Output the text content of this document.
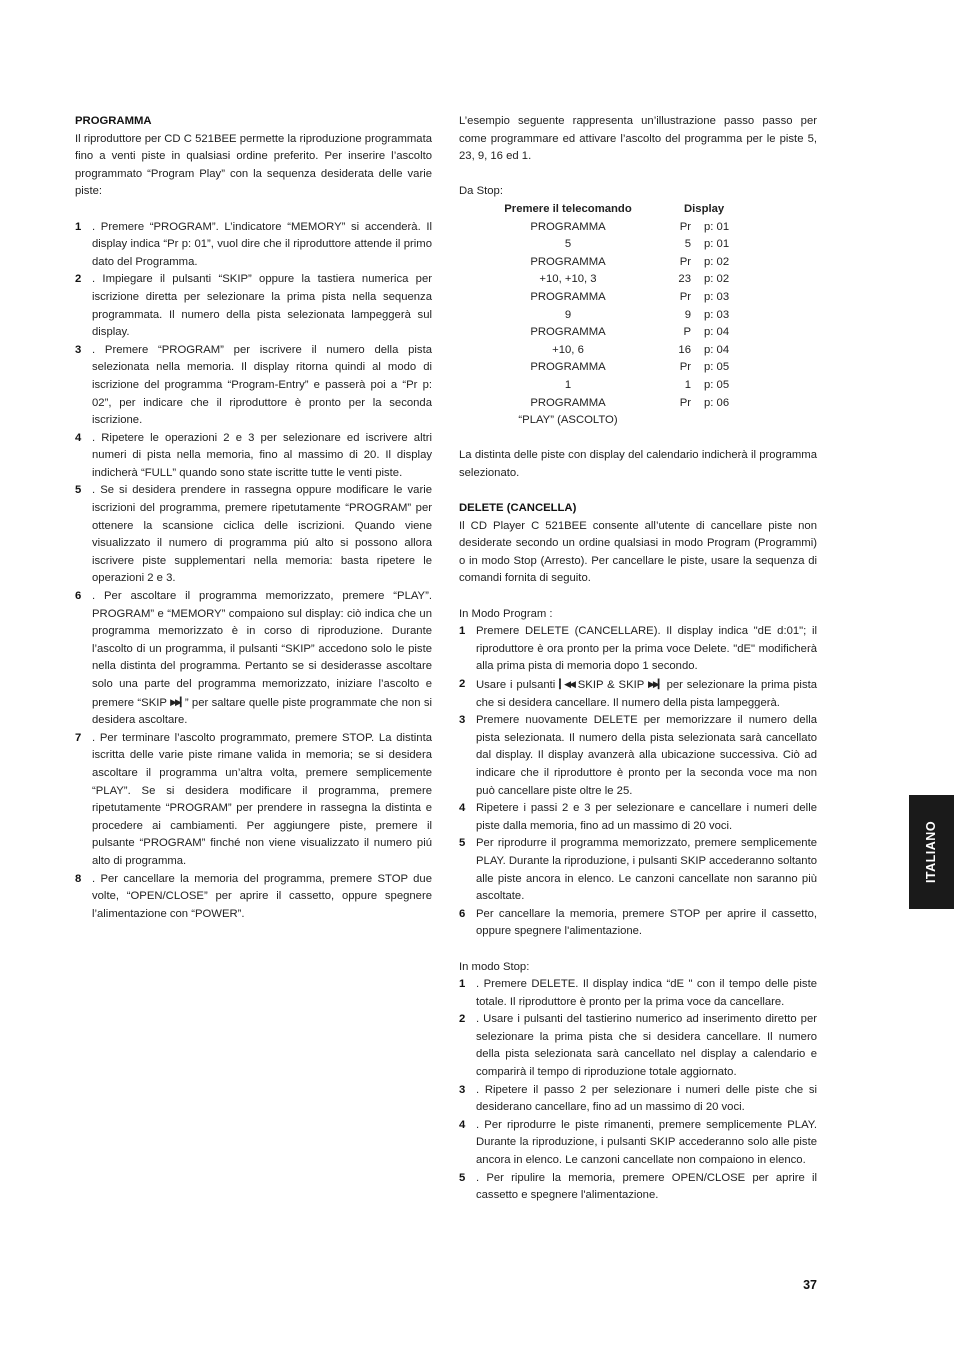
PROGRAMMA

Il riproduttore per CD C 521BEE permette la riproduzione programmata fino a venti piste in qualsiasi ordine preferito. Per inserire l’ascolto programmato “Program Play” con la sequenza desiderata delle varie piste:

1 . Premere “PROGRAM”. L’indicatore “MEMORY” si accenderà. Il display indica “Pr p: 01”, vuol dire che il riproduttore attende il primo dato del Programma.
2 . Impiegare il pulsanti “SKIP” oppure la tastiera numerica per iscrizione diretta per selezionare la prima pista nella sequenza programmata. Il numero della pista selezionata lampeggerà sul display.
3 . Premere “PROGRAM” per iscrivere il numero della pista selezionata nella memoria. Il display ritorna quindi al modo di iscrizione del programma “Program-Entry” e passerà poi a “Pr p: 02”, per indicare che il riproduttore è pronto per la seconda iscrizione.
4 . Ripetere le operazioni 2 e 3 per selezionare ed iscrivere altri numeri di pista nella memoria, fino al massimo di 20. Il display indicherà “FULL” quando sono state iscritte tutte le venti piste.
5 . Se si desidera prendere in rassegna oppure modificare le varie iscrizioni del programma, premere ripetutamente “PROGRAM” per ottenere la scansione ciclica delle iscrizioni. Quando viene visualizzato il numero di programma piú alto si possono allora iscrivere piste supplementari nella memoria: basta ripetere le operazioni 2 e 3.
6 . Per ascoltare il programma memorizzato, premere “PLAY”. PROGRAM” e “MEMORY” compaiono sul display: ciò indica che un programma memorizzato è in corso di riproduzione. Durante l’ascolto di un programma, il pulsanti “SKIP” accedono solo le piste nella distinta del programma. Pertanto se si desiderasse ascoltare solo una parte del programma memorizzato, iniziare l’ascolto e premere “SKIP ▶▶▎” per saltare quelle piste programmate che non si desidera ascoltare.
7 . Per terminare l’ascolto programmato, premere STOP. La distinta iscritta delle varie piste rimane valida in memoria; se si desidera ascoltare il programma un’altra volta, premere semplicemente “PLAY”. Se si desidera modificare il programma, premere ripetutamente “PROGRAM” per prendere in rassegna la distinta e procedere ai cambiamenti. Per aggiungere piste, premere il pulsante “PROGRAM” finché non viene visualizzato il numero piú alto di programma.
8 . Per cancellare la memoria del programma, premere STOP due volte, “OPEN/CLOSE” per aprire il cassetto, oppure spegnere l’alimentazione con “POWER”.

L’esempio seguente rappresenta un’illustrazione passo passo per come programmare ed attivare l’ascolto del programma per le piste 5, 23, 9, 16 ed 1.

Da Stop:

Premere il telecomando	Display
PROGRAMMA	Pr p: 01
5	5 p: 01
PROGRAMMA	Pr p: 02
+10, +10, 3	23 p: 02
PROGRAMMA	Pr p: 03
9	9 p: 03
PROGRAMMA	P p: 04
+10, 6	16 p: 04
PROGRAMMA	Pr p: 05
1	1 p: 05
PROGRAMMA	Pr p: 06
“PLAY” (ASCOLTO)

La distinta delle piste con display del calendario indicherà il programma selezionato.

DELETE (CANCELLA)

Il CD Player C 521BEE consente all’utente di cancellare piste non desiderate secondo un ordine qualsiasi in modo Program (Programmi) o in modo Stop (Arresto). Per cancellare le piste, usare la sequenza di comandi fornita di seguito.

In Modo Program :

1 Premere DELETE (CANCELLARE). Il display indica "dE d:01"; il riproduttore è ora pronto per la prima voce Delete. "dE" modificherà alla prima pista di memoria dopo 1 secondo.
2 Usare i pulsanti ▎◀◀ SKIP & SKIP ▶▶▎ per selezionare la prima pista che si desidera cancellare. Il numero della pista lampeggerà.
3 Premere nuovamente DELETE per memorizzare il numero della pista selezionata. Il numero della pista selezionata sarà cancellato dal display. Il display avanzerà alla ubicazione successiva. Ciò ad indicare che il riproduttore è pronto per la seconda voce ma non può cancellare piste oltre le 25.
4 Ripetere i passi 2 e 3 per selezionare e cancellare i numeri delle piste dalla memoria, fino ad un massimo di 20 voci.
5 Per riprodurre il programma memorizzato, premere semplicemente PLAY. Durante la riproduzione, i pulsanti SKIP accederanno soltanto alle piste ancora in elenco. Le canzoni cancellate non saranno più ascoltate.
6 Per cancellare la memoria, premere STOP per aprire il cassetto, oppure spegnere l'alimentazione.

In modo Stop:

1 . Premere DELETE. Il display indica “dE " con il tempo delle piste totale. Il riproduttore è pronto per la prima voce da cancellare.
2 . Usare i pulsanti del tastierino numerico ad inserimento diretto per selezionare la prima pista che si desidera cancellare. Il numero della pista selezionata sarà cancellato nel display a calendario e comparirà il tempo di riproduzione totale aggiornato.
3 . Ripetere il passo 2 per selezionare i numeri delle piste che si desiderano cancellare, fino ad un massimo di 20 voci.
4 . Per riprodurre le piste rimanenti, premere semplicemente PLAY. Durante la riproduzione, i pulsanti SKIP accederanno solo alle piste ancora in elenco. Le canzoni cancellate non compaiono in elenco.
5 . Per ripulire la memoria, premere OPEN/CLOSE per aprire il cassetto e spegnere l'alimentazione.
ITALIANO
37
